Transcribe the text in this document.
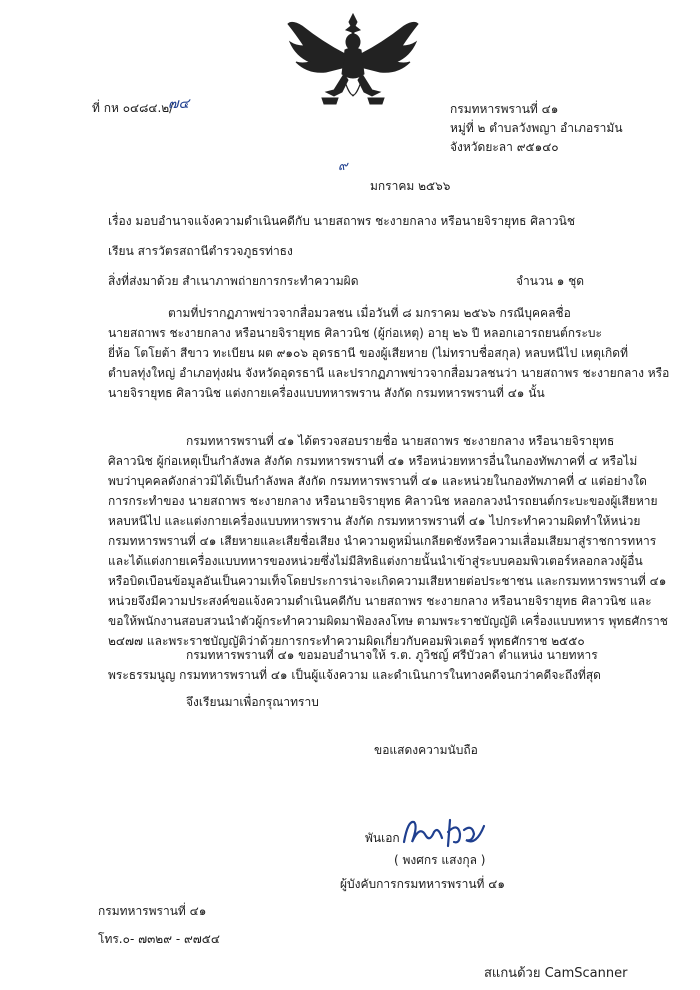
ที่ กห ๐๔๘๔.๒/
๗๔	กรมทหารพรานที่ ๔๑
หมู่ที่ ๒ ตำบลวังพญา อำเภอรามัน
จังหวัดยะลา ๙๕๑๔๐
๙
มกราคม ๒๕๖๖
เรื่อง มอบอำนาจแจ้งความดำเนินคดีกับ นายสถาพร ชะงายกลาง หรือนายจิรายุทธ ศิลาวนิช
เรียน สารวัตรสถานีตำรวจภูธรท่าธง
สิ่งที่ส่งมาด้วย สำเนาภาพถ่ายการกระทำความผิด	จำนวน ๑ ชุด
ตามที่ปรากฏภาพข่าวจากสื่อมวลชน เมื่อวันที่ ๘ มกราคม ๒๕๖๖ กรณีบุคคลชื่อ
นายสถาพร ชะงายกลาง หรือนายจิรายุทธ ศิลาวนิช (ผู้ก่อเหตุ) อายุ ๒๖ ปี หลอกเอารถยนต์กระบะ
ยี่ห้อ โตโยต้า สีขาว ทะเบียน ผต ๙๑๐๖ อุดรธานี ของผู้เสียหาย (ไม่ทราบชื่อสกุล) หลบหนีไป เหตุเกิดที่
ตำบลทุ่งใหญ่ อำเภอทุ่งฝน จังหวัดอุดรธานี และปรากฏภาพข่าวจากสื่อมวลชนว่า นายสถาพร ชะงายกลาง หรือ
นายจิรายุทธ ศิลาวนิช แต่งกายเครื่องแบบทหารพราน สังกัด กรมทหารพรานที่ ๔๑ นั้น
กรมทหารพรานที่ ๔๑ ได้ตรวจสอบรายชื่อ นายสถาพร ชะงายกลาง หรือนายจิรายุทธ
ศิลาวนิช ผู้ก่อเหตุเป็นกำลังพล สังกัด กรมทหารพรานที่ ๔๑ หรือหน่วยทหารอื่นในกองทัพภาคที่ ๔ หรือไม่
พบว่าบุคคลดังกล่าวมิได้เป็นกำลังพล สังกัด กรมทหารพรานที่ ๔๑ และหน่วยในกองทัพภาคที่ ๔ แต่อย่างใด
การกระทำของ นายสถาพร ชะงายกลาง หรือนายจิรายุทธ ศิลาวนิช หลอกลวงนำรถยนต์กระบะของผู้เสียหาย
หลบหนีไป และแต่งกายเครื่องแบบทหารพราน สังกัด กรมทหารพรานที่ ๔๑ ไปกระทำความผิดทำให้หน่วย
กรมทหารพรานที่ ๔๑ เสียหายและเสียชื่อเสียง นำความดูหมิ่นเกลียดชังหรือความเสื่อมเสียมาสู่ราชการทหาร
และได้แต่งกายเครื่องแบบทหารของหน่วยซึ่งไม่มีสิทธิแต่งกายนั้นนำเข้าสู่ระบบคอมพิวเตอร์หลอกลวงผู้อื่น
หรือบิดเบือนข้อมูลอันเป็นความเท็จโดยประการน่าจะเกิดความเสียหายต่อประชาชน และกรมทหารพรานที่ ๔๑
หน่วยจึงมีความประสงค์ขอแจ้งความดำเนินคดีกับ นายสถาพร ชะงายกลาง หรือนายจิรายุทธ ศิลาวนิช และ
ขอให้พนักงานสอบสวนนำตัวผู้กระทำความผิดมาฟ้องลงโทษ ตามพระราชบัญญัติ เครื่องแบบทหาร พุทธศักราช
๒๔๗๗ และพระราชบัญญัติว่าด้วยการกระทำความผิดเกี่ยวกับคอมพิวเตอร์ พุทธศักราช ๒๕๕๐
กรมทหารพรานที่ ๔๑ ขอมอบอำนาจให้ ร.ต. ภูวิชญ์ ศรีบัวลา ตำแหน่ง นายทหาร
พระธรรมนูญ กรมทหารพรานที่ ๔๑ เป็นผู้แจ้งความ และดำเนินการในทางคดีจนกว่าคดีจะถึงที่สุด
จึงเรียนมาเพื่อกรุณาทราบ
ขอแสดงความนับถือ
พันเอก
( พงศกร แสงกุล )
ผู้บังคับการกรมทหารพรานที่ ๔๑
กรมทหารพรานที่ ๔๑
โทร.๐- ๗๓๒๙ - ๙๗๕๔
สแกนด้วย CamScanner
